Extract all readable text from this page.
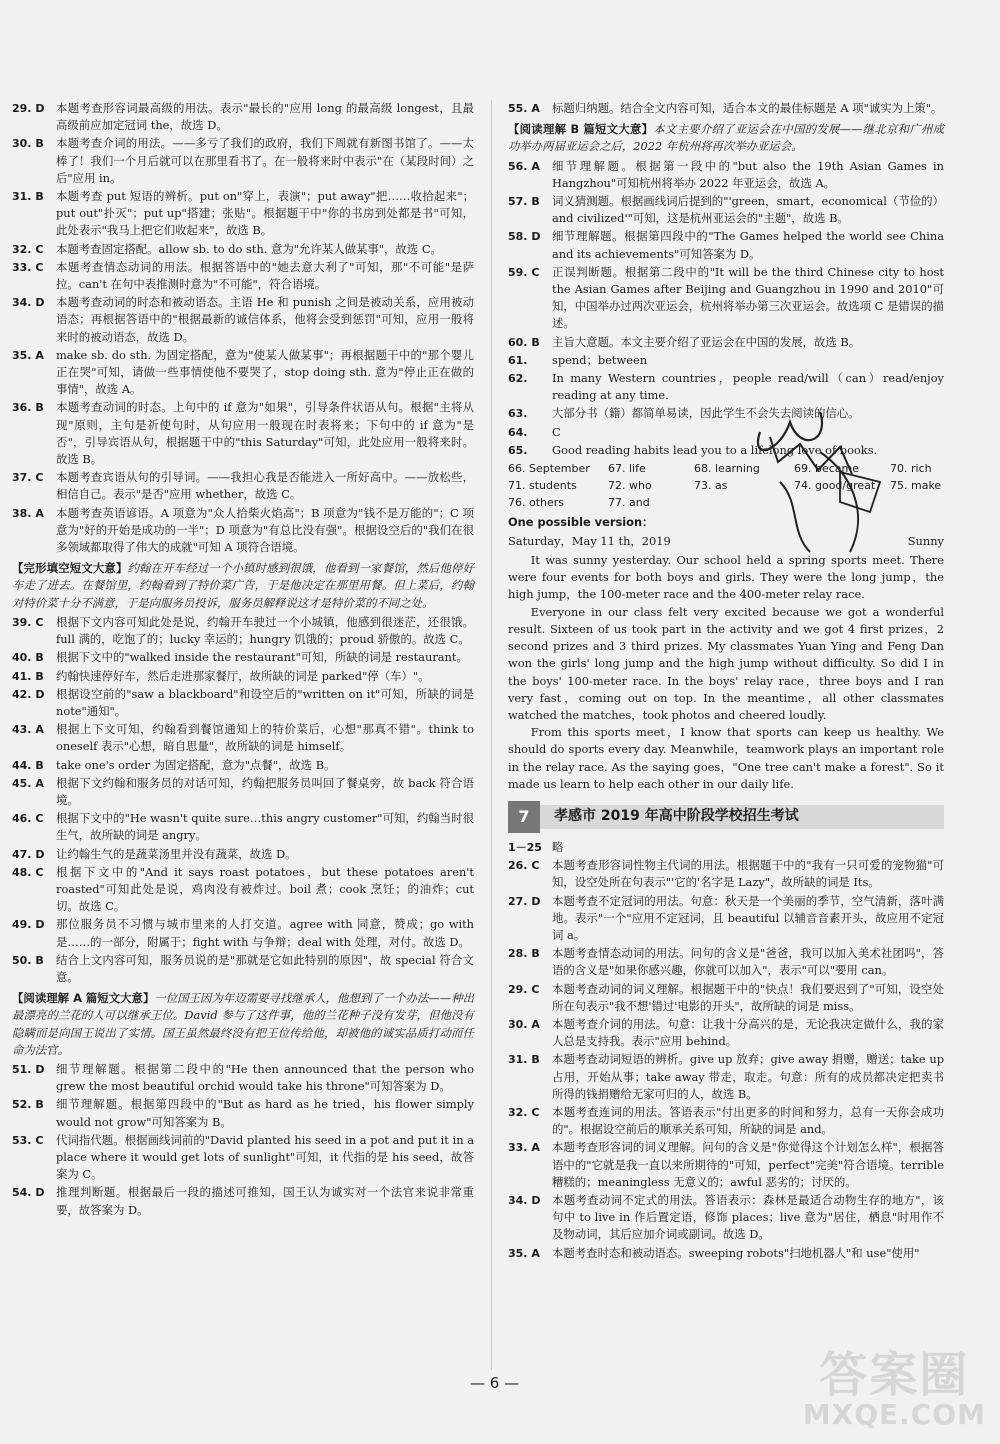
29. D	本题考查形容词最高级的用法。表示"最长的"应用 long 的最高级 longest，且最高级前应加定冠词 the，故选 D。
30. B	本题考查介词的用法。——多亏了我们的政府，我们下周就有新图书馆了。——太棒了！我们一个月后就可以在那里看书了。在一般将来时中表示"在（某段时间）之后"应用 in。
31. B	本题考查 put 短语的辨析。put on"穿上，表演"；put away"把……收拾起来"；put out"扑灭"；put up"搭建；张贴"。根据题干中"你的书房到处都是书"可知，此处表示"我马上把它们收起来"，故选 B。
32. C	本题考查固定搭配。allow sb. to do sth. 意为"允许某人做某事"，故选 C。
33. C	本题考查情态动词的用法。根据答语中的"她去意大利了"可知，那"不可能"是萨拉。can't 在句中表推测时意为"不可能"，符合语境。
34. D	本题考查动词的时态和被动语态。主语 He 和 punish 之间是被动关系，应用被动语态；再根据答语中的"根据最新的诚信体系，他将会受到惩罚"可知，应用一般将来时的被动语态，故选 D。
35. A	make sb. do sth. 为固定搭配，意为"使某人做某事"；再根据题干中的"那个婴儿正在哭"可知，请做一些事情使他不要哭了，stop doing sth. 意为"停止正在做的事情"，故选 A。
36. B	本题考查动词的时态。上句中的 if 意为"如果"，引导条件状语从句。根据"主将从现"原则，主句是祈使句时，从句应用一般现在时表将来；下句中的 if 意为"是否"，引导宾语从句，根据题干中的"this Saturday"可知，此处应用一般将来时。故选 B。
37. C	本题考查宾语从句的引导词。——我担心我是否能进入一所好高中。——放松些，相信自己。表示"是否"应用 whether，故选 C。
38. A	本题考查英语谚语。A 项意为"众人拾柴火焰高"；B 项意为"钱不是万能的"；C 项意为"好的开始是成功的一半"；D 项意为"有总比没有强"。根据设空后的"我们在很多领域都取得了伟大的成就"可知 A 项符合语境。
【完形填空短文大意】约翰在开车经过一个小镇时感到很饿，他看到一家餐馆，然后他停好车走了进去。在餐馆里，约翰看到了特价菜广告，于是他决定在那里用餐。但上菜后，约翰对特价菜十分不满意，于是向服务员投诉，服务员解释说这才是特价菜的不同之处。
39. C	根据下文内容可知此处是说，约翰开车驶过一个小城镇，他感到很迷茫，还很饿。full 满的，吃饱了的；lucky 幸运的；hungry 饥饿的；proud 骄傲的。故选 C。
40. B	根据下文中的"walked inside the restaurant"可知，所缺的词是 restaurant。
41. B	约翰快速停好车，然后走进那家餐厅，故所缺的词是 parked"停（车）"。
42. D	根据设空前的"saw a blackboard"和设空后的"written on it"可知，所缺的词是 note"通知"。
43. A	根据上下文可知，约翰看到餐馆通知上的特价菜后，心想"那真不错"。think to oneself 表示"心想，暗自思量"，故所缺的词是 himself。
44. B	take one's order 为固定搭配，意为"点餐"，故选 B。
45. A	根据下文约翰和服务员的对话可知，约翰把服务员叫回了餐桌旁，故 back 符合语境。
46. C	根据下文中的"He wasn't quite sure…this angry customer"可知，约翰当时很生气，故所缺的词是 angry。
47. D	让约翰生气的是蔬菜汤里并没有蔬菜，故选 D。
48. C	根据下文中的"And it says roast potatoes，but these potatoes aren't roasted"可知此处是说，鸡肉没有被炸过。boil 煮；cook 烹饪；的油炸；cut 切。故选 C。
49. D	那位服务员不习惯与城市里来的人打交道。agree with 同意，赞成；go with 是……的一部分，附属于；fight with 与争辩；deal with 处理，对付。故选 D。
50. B	结合上文内容可知，服务员说的是"那就是它如此特别的原因"，故 special 符合文意。
【阅读理解 A 篇短文大意】一位国王因为年迈需要寻找继承人，他想到了一个办法——种出最漂亮的兰花的人可以继承王位。David 参与了这件事，他的兰花种子没有发芽，但他没有隐瞒而是向国王说出了实情。国王虽然最终没有把王位传给他，却被他的诚实品质打动而任命为法官。
51. D	细节理解题。根据第二段中的"He then announced that the person who grew the most beautiful orchid would take his throne"可知答案为 D。
52. B	细节理解题。根据第四段中的"But as hard as he tried，his flower simply would not grow"可知答案为 B。
53. C	代词指代题。根据画线词前的"David planted his seed in a pot and put it in a place where it would get lots of sunlight"可知，it 代指的是 his seed，故答案为 C。
54. D	推理判断题。根据最后一段的描述可推知，国王认为诚实对一个法官来说非常重要，故答案为 D。
55. A	标题归纳题。结合全文内容可知，适合本文的最佳标题是 A 项"诚实为上策"。
【阅读理解 B 篇短文大意】本文主要介绍了亚运会在中国的发展——继北京和广州成功举办两届亚运会之后，2022 年杭州将再次举办亚运会。
56. A	细节理解题。根据第一段中的"but also the 19th Asian Games in Hangzhou"可知杭州将举办 2022 年亚运会，故选 A。
57. B	词义猜测题。根据画线词后提到的"'green，smart，economical（节俭的）and civilized'"可知，这是杭州亚运会的"主题"，故选 B。
58. D	细节理解题。根据第四段中的"The Games helped the world see China and its achievements"可知答案为 D。
59. C	正误判断题。根据第二段中的"It will be the third Chinese city to host the Asian Games after Beijing and Guangzhou in 1990 and 2010"可知，中国举办过两次亚运会，杭州将举办第三次亚运会。故选项 C 是错误的描述。
60. B	主旨大意题。本文主要介绍了亚运会在中国的发展，故选 B。
61.	spend；between
62.	In many Western countries，people read/will（can）read/enjoy reading at any time.
63.	大部分书（籍）都简单易读，因此学生不会失去阅读的信心。
64.	C
65.	Good reading habits lead you to a lifelong love of books.
66. September	67. life	68. learning	69. became	70. rich
71. students	72. who	73. as	74. good/great	75. make
76. others	77. and
One possible version：
Saturday，May 11 th，2019	Sunny

It was sunny yesterday. Our school held a spring sports meet. There were four events for both boys and girls. They were the long jump，the high jump，the 100-meter race and the 400-meter relay race.

Everyone in our class felt very excited because we got a wonderful result. Sixteen of us took part in the activity and we got 4 first prizes，2 second prizes and 3 third prizes. My classmates Yuan Ying and Feng Dan won the girls' long jump and the high jump without difficulty. So did I in the boys' 100-meter race. In the boys' relay race，three boys and I ran very fast，coming out on top. In the meantime，all other classmates watched the matches，took photos and cheered loudly.

From this sports meet，I know that sports can keep us healthy. We should do sports every day. Meanwhile，teamwork plays an important role in the relay race. As the saying goes，"One tree can't make a forest". So it made us learn to help each other in our daily life.

7	孝感市 2019 年高中阶段学校招生考试
1－25 略
26. C	本题考查形容词性物主代词的用法。根据题干中的"我有一只可爱的宠物猫"可知，设空处所在句表示"'它的'名字是 Lazy"，故所缺的词是 Its。
27. D	本题考查不定冠词的用法。句意：秋天是一个美丽的季节，空气清新，落叶满地。表示"一个"应用不定冠词，且 beautiful 以辅音音素开头，故应用不定冠词 a。
28. B	本题考查情态动词的用法。问句的含义是"爸爸，我可以加入美术社团吗"，答语的含义是"如果你感兴趣，你就可以加入"，表示"可以"要用 can。
29. C	本题考查动词的词义理解。根据题干中的"快点！我们要迟到了"可知，设空处所在句表示"我不想'错过'电影的开头"，故所缺的词是 miss。
30. A	本题考查介词的用法。句意：让我十分高兴的是，无论我决定做什么，我的家人总是支持我。表示"应用 behind。
31. B	本题考查动词短语的辨析。give up 放弃；give away 捐赠，赠送；take up 占用，开始从事；take away 带走，取走。句意：所有的成员都决定把卖书所得的钱捐赠给无家可归的人，故选 B。
32. C	本题考查连词的用法。答语表示"付出更多的时间和努力，总有一天你会成功的"。根据设空前后的顺承关系可知，所缺的词是 and。
33. A	本题考查形容词的词义理解。问句的含义是"你觉得这个计划怎么样"，根据答语中的"它就是我一直以来所期待的"可知，perfect"完美"符合语境。terrible 糟糕的；meaningless 无意义的；awful 恶劣的；讨厌的。
34. D	本题考查动词不定式的用法。答语表示：森林是最适合动物生存的地方"，该句中 to live in 作后置定语，修饰 places；live 意为"居住，栖息"时用作不及物动词，其后应加介词或副词。故选 D。
35. A	本题考查时态和被动语态。sweeping robots"扫地机器人"和 use"使用"
— 6 —	答案圈
MXQE.COM
